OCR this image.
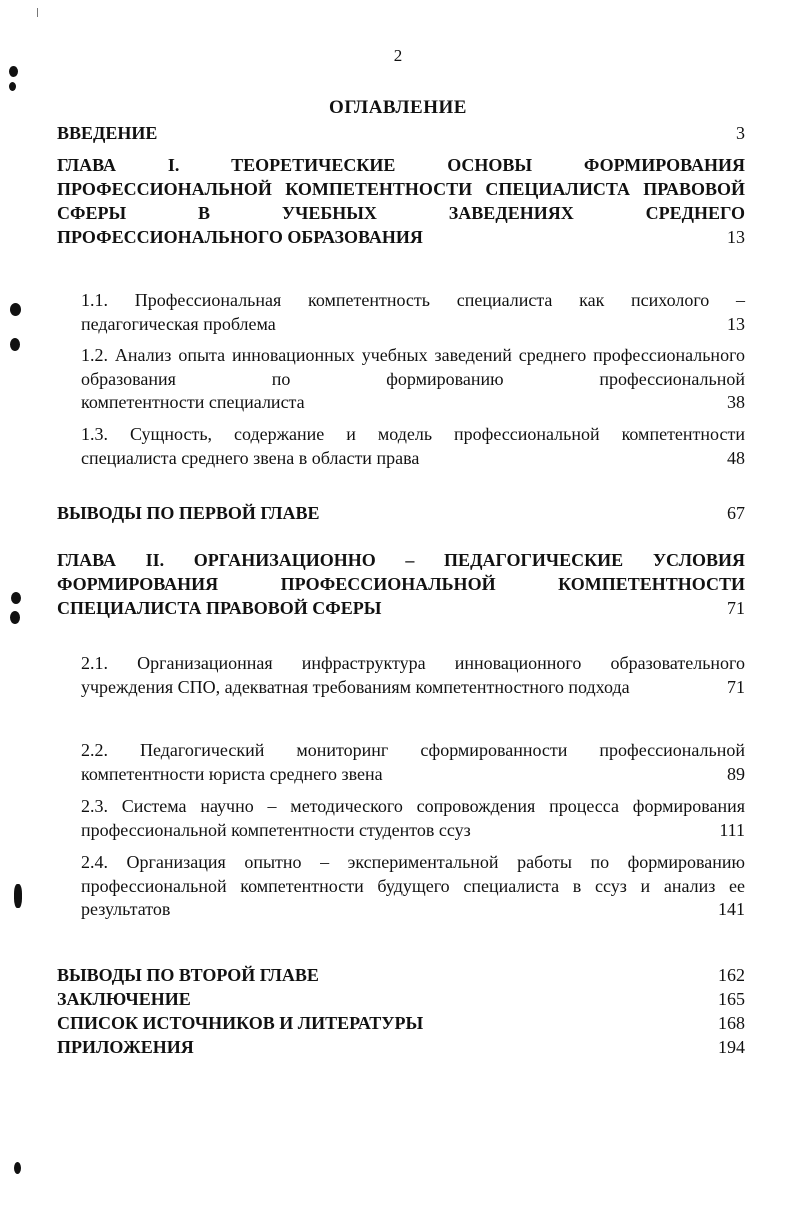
2
ОГЛАВЛЕНИЕ
ВВЕДЕНИЕ	3
ГЛАВА I. ТЕОРЕТИЧЕСКИЕ ОСНОВЫ ФОРМИРОВАНИЯ ПРОФЕССИОНАЛЬНОЙ КОМПЕТЕНТНОСТИ СПЕЦИАЛИСТА ПРАВОВОЙ СФЕРЫ В УЧЕБНЫХ ЗАВЕДЕНИЯХ СРЕДНЕГО
ПРОФЕССИОНАЛЬНОГО ОБРАЗОВАНИЯ	13
1.1. Профессиональная компетентность специалиста как психолого –
педагогическая проблема	13
1.2. Анализ опыта инновационных учебных заведений среднего профессионального образования по формированию профессиональной
компетентности специалиста	38
1.3. Сущность, содержание и модель профессиональной компетентности
специалиста среднего звена в области права	48
ВЫВОДЫ ПО ПЕРВОЙ ГЛАВЕ	67
ГЛАВА II. ОРГАНИЗАЦИОННО – ПЕДАГОГИЧЕСКИЕ УСЛОВИЯ ФОРМИРОВАНИЯ ПРОФЕССИОНАЛЬНОЙ КОМПЕТЕНТНОСТИ
СПЕЦИАЛИСТА ПРАВОВОЙ СФЕРЫ	71
2.1. Организационная инфраструктура инновационного образовательного
учреждения СПО, адекватная требованиям компетентностного подхода	71
2.2. Педагогический мониторинг сформированности профессиональной
компетентности юриста среднего звена	89
2.3. Система научно – методического сопровождения процесса формирования
профессиональной компетентности студентов ссуз	111
2.4. Организация опытно – экспериментальной работы по формированию профессиональной компетентности будущего специалиста в ссуз и анализ ее
результатов	141
ВЫВОДЫ ПО ВТОРОЙ ГЛАВЕ	162
ЗАКЛЮЧЕНИЕ	165
СПИСОК ИСТОЧНИКОВ И ЛИТЕРАТУРЫ	168
ПРИЛОЖЕНИЯ	194
